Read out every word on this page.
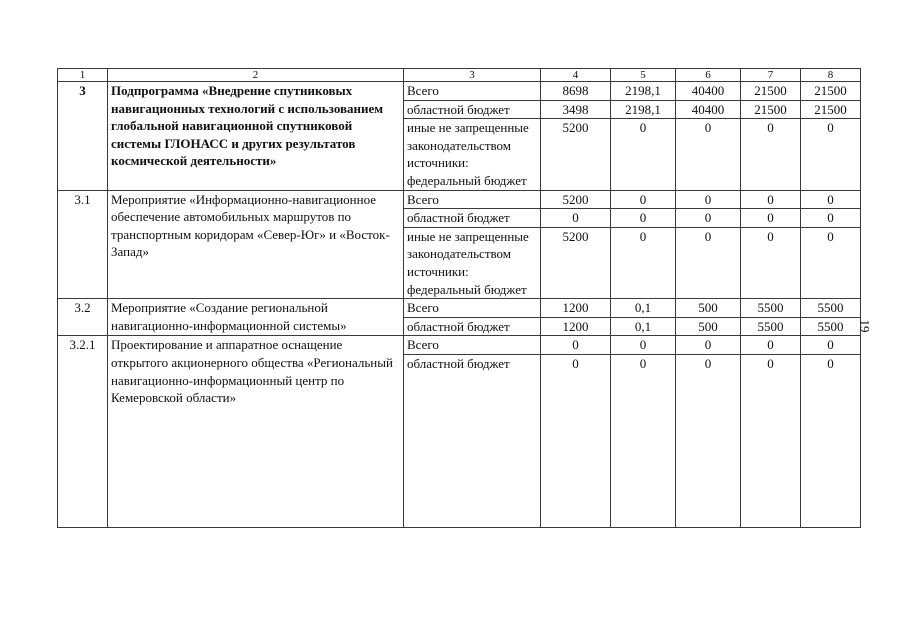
1	2	3	4	5	6	7	8
3	Подпрограмма «Внедрение спутниковых навигационных технологий с использованием глобальной навигационной спутниковой системы ГЛОНАСС и других результатов космической деятельности»	Всего	8698	2198,1	40400	21500	21500
		областной бюджет	3498	2198,1	40400	21500	21500
		иные не запрещенные законодательством источники: федеральный бюджет	5200	0	0	0	0
3.1	Мероприятие «Информационно-навигационное обеспечение автомобильных маршрутов по транспортным коридорам «Север-Юг» и «Восток-Запад»	Всего	5200	0	0	0	0
		областной бюджет	0	0	0	0	0
		иные не запрещенные законодательством источники: федеральный бюджет	5200	0	0	0	0
3.2	Мероприятие «Создание региональной навигационно-информационной системы»	Всего	1200	0,1	500	5500	5500
		областной бюджет	1200	0,1	500	5500	5500
3.2.1	Проектирование и аппаратное оснащение открытого акционерного общества «Региональный навигационно-информационный центр по Кемеровской области»	Всего	0	0	0	0	0
		областной бюджет	0	0	0	0	0
19
